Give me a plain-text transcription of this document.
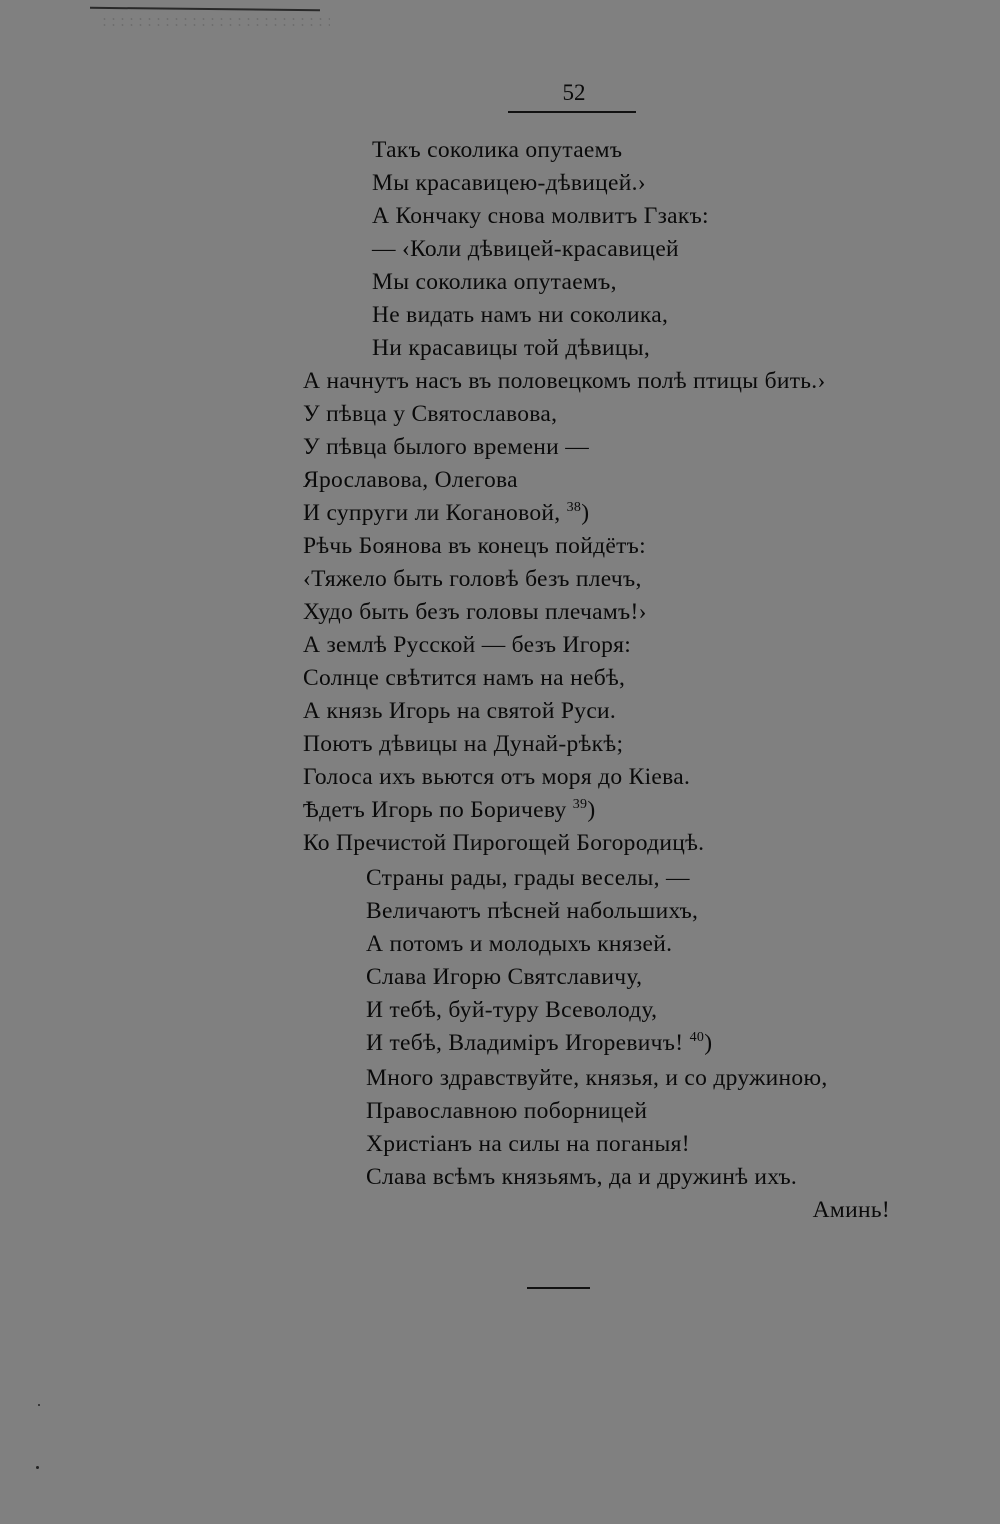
52
Такъ соколика опутаемъ
Мы красавицею-дѣвицей.›
А Кончаку снова молвитъ Гзакъ:
— ‹Коли дѣвицей-красавицей
Мы соколика опутаемъ,
Не видать намъ ни соколика,
Ни красавицы той дѣвицы,
А начнутъ насъ въ половецкомъ полѣ птицы бить.›
У пѣвца у Святославова,
У пѣвца былого времени —
Ярославова, Олегова
И супруги ли Когановой, $^{38}$)
Рѣчь Боянова въ конецъ пойдётъ:
‹Тяжело быть головѣ безъ плечъ,
Худо быть безъ головы плечамъ!›
А землѣ Русской — безъ Игоря:
Солнце свѣтится намъ на небѣ,
А князь Игорь на святой Руси.
Поютъ дѣвицы на Дунай-рѣкѣ;
Голоса ихъ вьются отъ моря до Кіева.
Ѣдетъ Игорь по Боричеву $^{39}$)
Ко Пречистой Пирогощей Богородицѣ.
Страны рады, грады веселы, —
Величаютъ пѣсней набольшихъ,
А потомъ и молодыхъ князей.
Слава Игорю Святславичу,
И тебѣ, буй-туру Всеволоду,
И тебѣ, Владиміръ Игоревичъ! $^{40}$)
Много здравствуйте, князья, и со дружиною,
Православною поборницей
Христіанъ на силы на поганыя!
Слава всѣмъ князьямъ, да и дружинѣ ихъ.
Аминь!
